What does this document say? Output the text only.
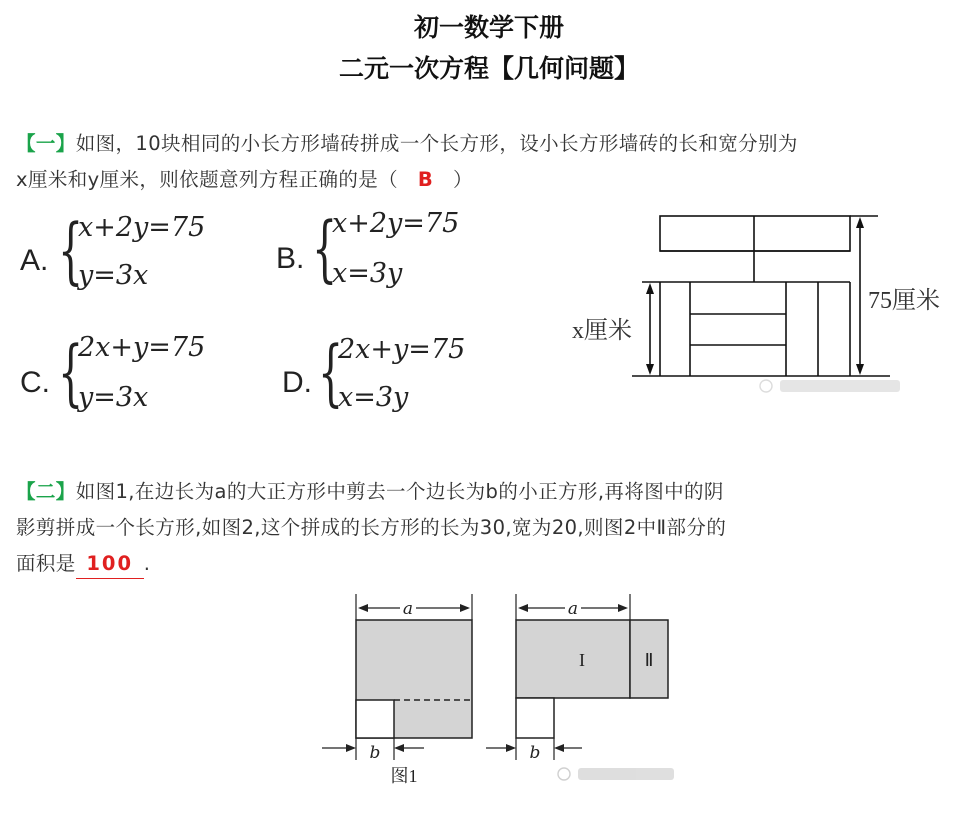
初一数学下册
二元一次方程【几何问题】
【一】如图，10块相同的小长方形墙砖拼成一个长方形，设小长方形墙砖的长和宽分别为
x厘米和y厘米，则依题意列方程正确的是（ B ）
A. {
x+2y=75
y=3x
B. {
x+2y=75
x=3y
C. {
2x+y=75
y=3x	D. {
2x+y=75
x=3y
x厘米
75厘米
【二】如图1,在边长为a的大正方形中剪去一个边长为b的小正方形,再将图中的阴
影剪拼成一个长方形,如图2,这个拼成的长方形的长为30,宽为20,则图2中Ⅱ部分的
面积是 100 .
a
b
图1
I	Ⅱ
a
b
